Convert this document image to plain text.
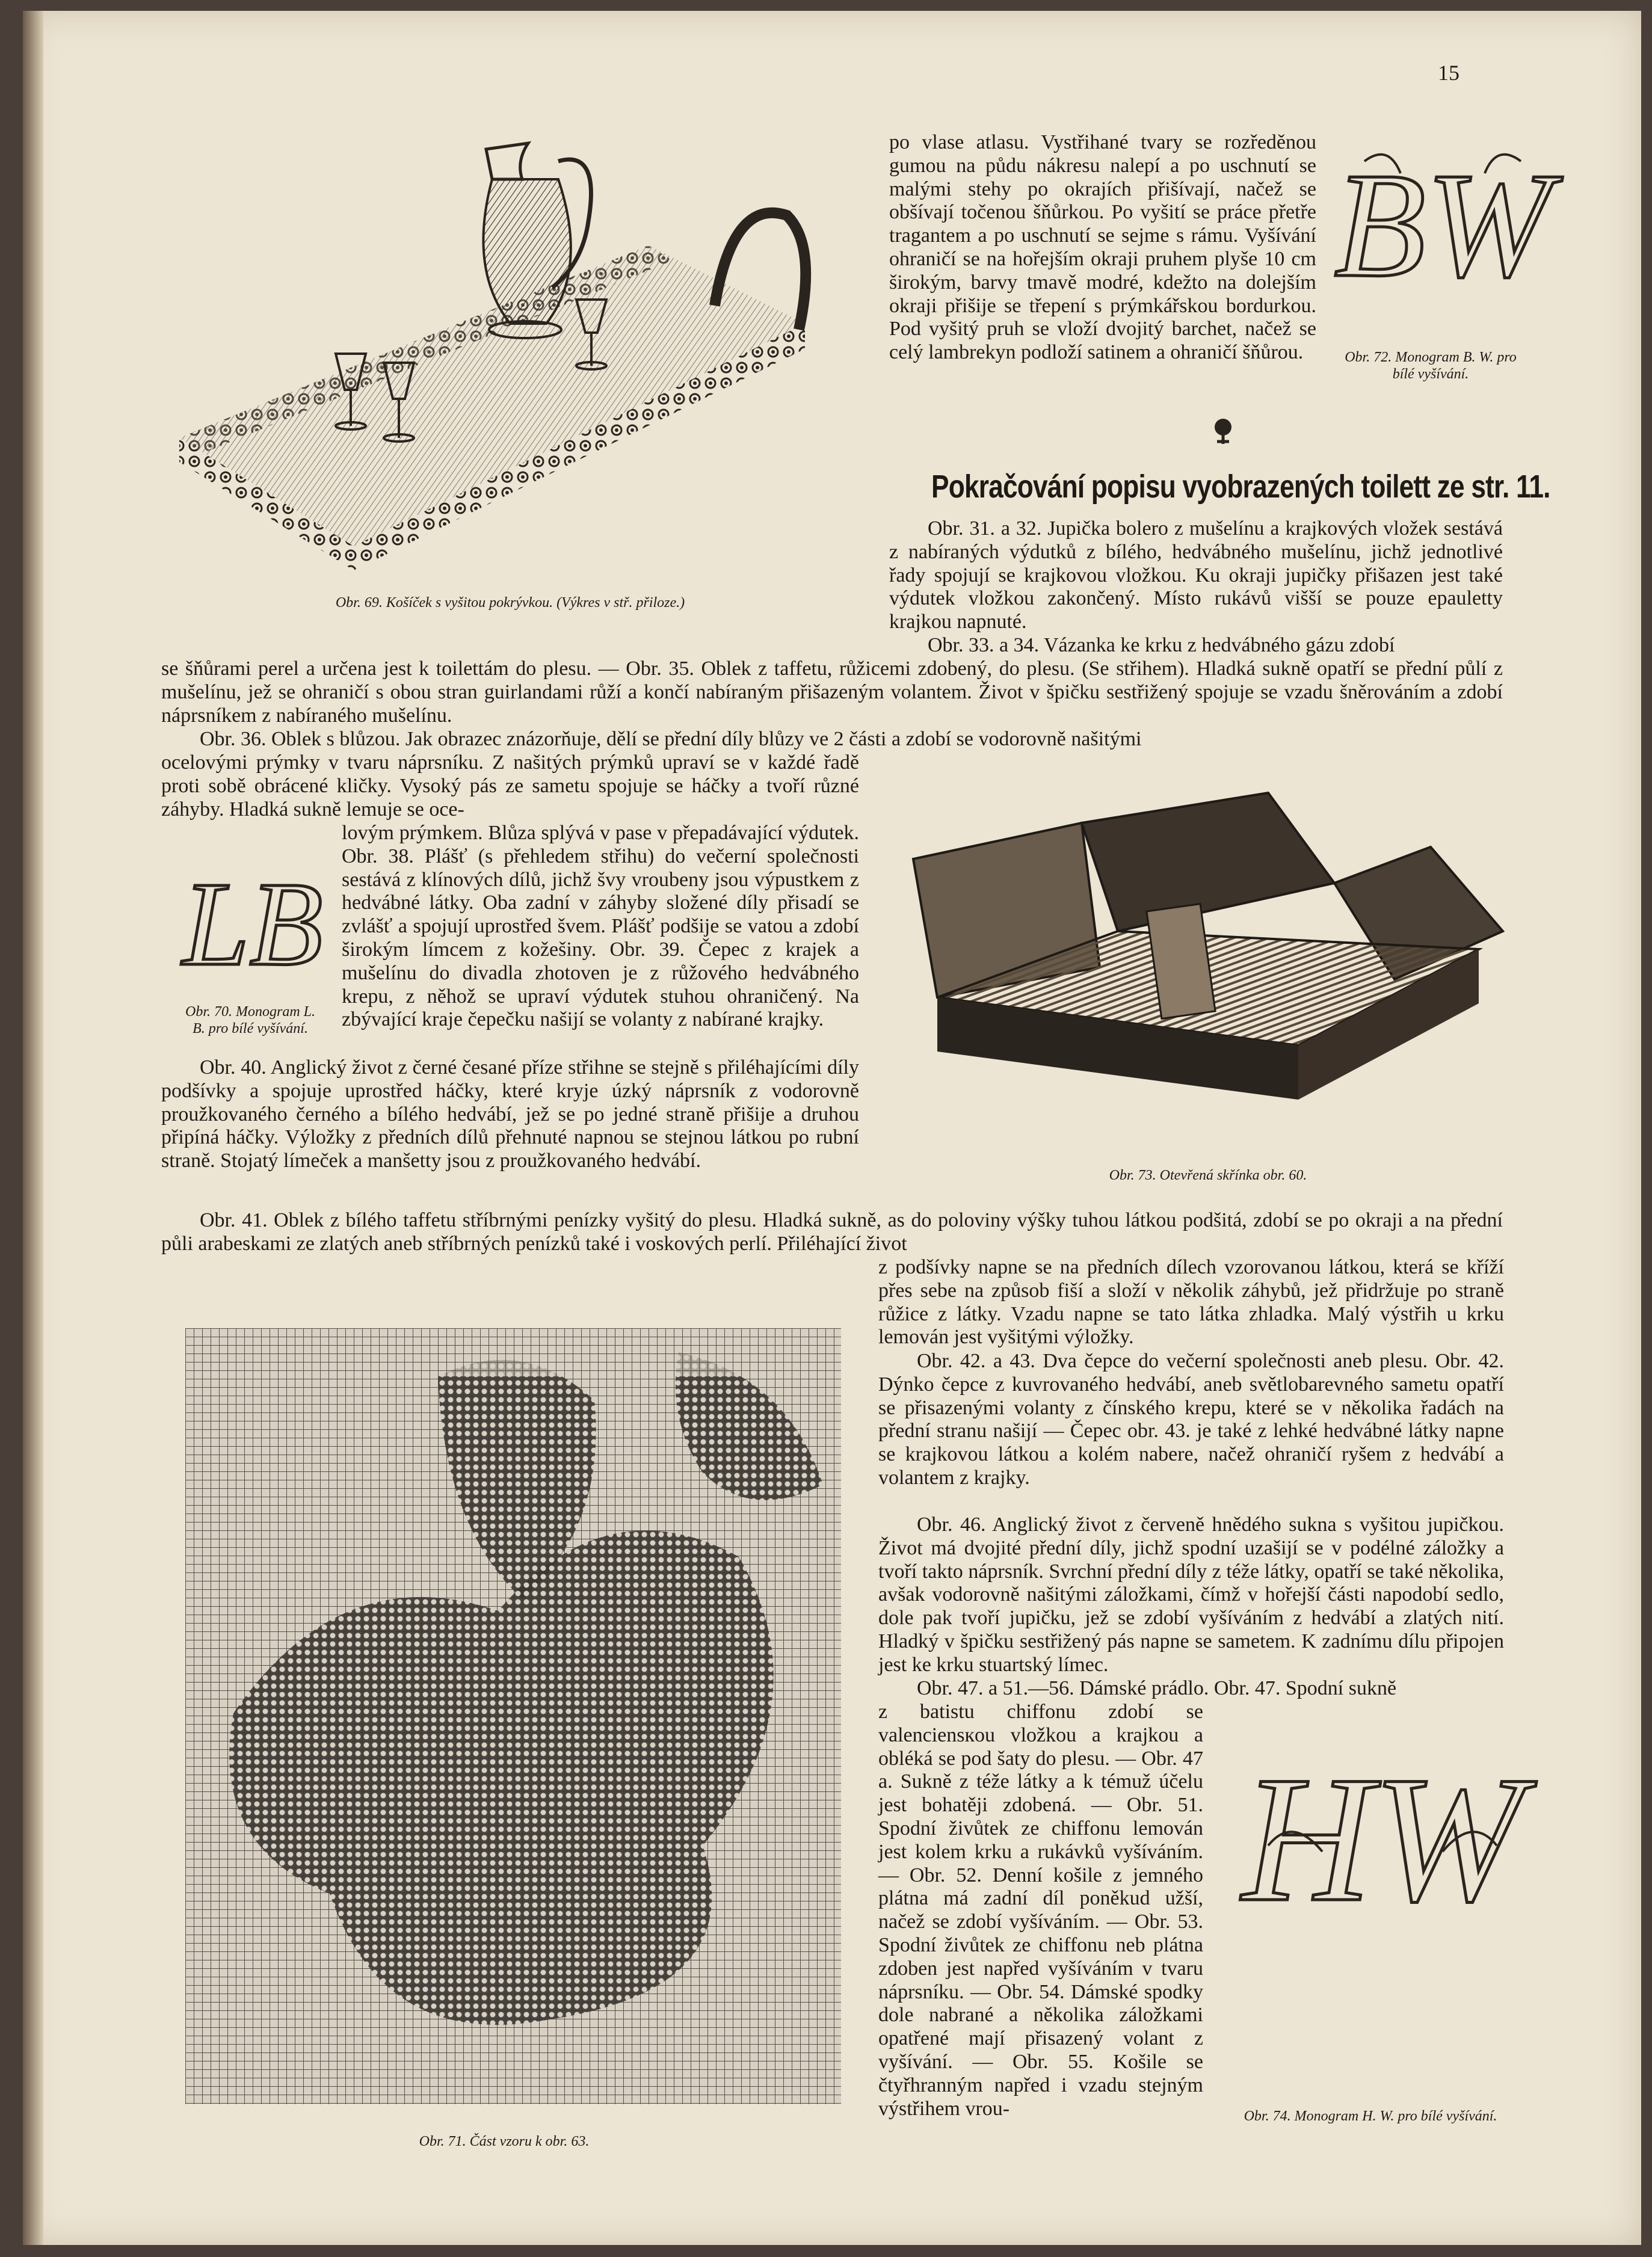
15
Obr. 69. Košíček s vyšitou pokrývkou. (Výkres v stř. přiloze.)
po vlase atlasu. Vystřihané tvary se rozředěnou gumou na půdu nákresu nalepí a po uschnutí se malými stehy po okrajích přišívají, načež se obšívají točenou šňůrkou. Po vyšití se práce přetře tragantem a po uschnutí se sejme s rámu. Vyšívání ohraničí se na hořejším okraji pruhem plyše 10 cm širokým, barvy tmavě modré, kdežto na dolejším okraji přišije se třepení s prýmkářskou bordurkou. Pod vyšitý pruh se vloží dvojitý barchet, načež se celý lambrekyn podloží satinem a ohraničí šňůrou.
BW
Obr. 72. Monogram B. W. pro bílé vyšívání.
Pokračování popisu vyobrazených toilett ze str. 11.
Obr. 31. a 32. Jupička bolero z mušelínu a krajkových vložek sestává z nabíraných výdutků z bílého, hedvábného mušelínu, jichž jednotlivé řady spojují se krajkovou vložkou. Ku okraji jupičky přišazen jest také výdutek vložkou zakončený. Místo rukávů višší se pouze epauletty krajkou napnuté.
Obr. 33. a 34. Vázanka ke krku z hedvábného gázu zdobí
se šňůrami perel a určena jest k toilettám do plesu. — Obr. 35. Oblek z taffetu, růžicemi zdobený, do plesu. (Se střihem). Hladká sukně opatří se přední půlí z mušelínu, jež se ohraničí s obou stran guirlandami růží a končí nabíraným přišazeným volantem. Život v špičku sestřižený spojuje se vzadu šněrováním a zdobí náprsníkem z nabíraného mušelínu.
Obr. 36. Oblek s blůzou. Jak obrazec znázorňuje, dělí se přední díly blůzy ve 2 části a zdobí se vodorovně našitými
ocelovými prýmky v tvaru náprsníku. Z našitých prýmků upraví se v každé řadě proti sobě obrácené kličky. Vysoký pás ze sametu spojuje se háčky a tvoří různé záhyby. Hladká sukně lemuje se oce-
LB
Obr. 70. Monogram L. B. pro bílé vyšívání.
lovým prýmkem. Blůza splývá v pase v přepadávající výdutek. Obr. 38. Plášť (s přehledem střihu) do večerní společnosti sestává z klínových dílů, jichž švy vroubeny jsou výpustkem z hedvábné látky. Oba zadní v záhyby složené díly přisadí se zvlášť a spojují uprostřed švem. Plášť podšije se vatou a zdobí širokým límcem z kožešiny. Obr. 39. Čepec z krajek a mušelínu do divadla zhotoven je z růžového hedvábného krepu, z něhož se upraví výdutek stuhou ohraničený. Na zbývající kraje čepečku našijí se volanty z nabírané krajky.
Obr. 40. Anglický život z černé česané příze střihne se stejně s přiléhajícími díly podšívky a spojuje uprostřed háčky, které kryje úzký náprsník z vodorovně proužkovaného černého a bílého hedvábí, jež se po jedné straně přišije a druhou připíná háčky. Výložky z předních dílů přehnuté napnou se stejnou látkou po rubní straně. Stojatý límeček a manšetty jsou z proužkovaného hedvábí.
Obr. 73. Otevřená skřínka obr. 60.
Obr. 41. Oblek z bílého taffetu stříbrnými penízky vyšitý do plesu. Hladká sukně, as do poloviny výšky tuhou látkou podšitá, zdobí se po okraji a na přední půli arabeskami ze zlatých aneb stříbrných penízků také i voskových perlí. Přiléhající život
z podšívky napne se na předních dílech vzorovanou látkou, která se kříží přes sebe na způsob fiší a složí v několik záhybů, jež přidržuje po straně růžice z látky. Vzadu napne se tato látka zhladka. Malý výstřih u krku lemován jest vyšitými výložky.
Obr. 42. a 43. Dva čepce do večerní společnosti aneb plesu. Obr. 42. Dýnko čepce z kuvrovaného hedvábí, aneb světlobarevného sametu opatří se přisazenými volanty z čínského krepu, které se v několika řadách na přední stranu našijí — Čepec obr. 43. je také z lehké hedvábné látky napne se krajkovou látkou a kolém nabere, načež ohraničí ryšem z hedvábí a volantem z krajky.
Obr. 46. Anglický život z červeně hnědého sukna s vyšitou jupičkou. Život má dvojité přední díly, jichž spodní uzašijí se v podélné záložky a tvoří takto náprsník. Svrchní přední díly z téže látky, opatří se také několika, avšak vodorovně našitými záložkami, čímž v hořejší části napodobí sedlo, dole pak tvoří jupičku, jež se zdobí vyšíváním z hedvábí a zlatých nití. Hladký v špičku sestřižený pás napne se sametem. K zadnímu dílu připojen jest ke krku stuartský límec.
Obr. 47. a 51.—56. Dámské prádlo. Obr. 47. Spodní sukně
z batistu chiffonu zdobí se valenciensкou vložkou a krajkou a obléká se pod šaty do plesu. — Obr. 47 a. Sukně z téže látky a k témuž účelu jest bohatěji zdobená. — Obr. 51. Spodní živůtek ze chiffonu lemován jest kolem krku a rukávků vyšíváním. — Obr. 52. Denní košile z jemného plátna má zadní díl poněkud užší, načež se zdobí vyšíváním. — Obr. 53. Spodní živůtek ze chiffonu neb plátna zdoben jest napřed vyšíváním v tvaru náprsníku. — Obr. 54. Dámské spodky dole nabrané a několika záložkami opatřené mají přisazený volant z vyšívání. — Obr. 55. Košile se čtyřhranným napřed i vzadu stejným výstřihem vrou-
Obr. 71. Část vzoru k obr. 63.
HW
Obr. 74. Monogram H. W. pro bílé vyšívání.
